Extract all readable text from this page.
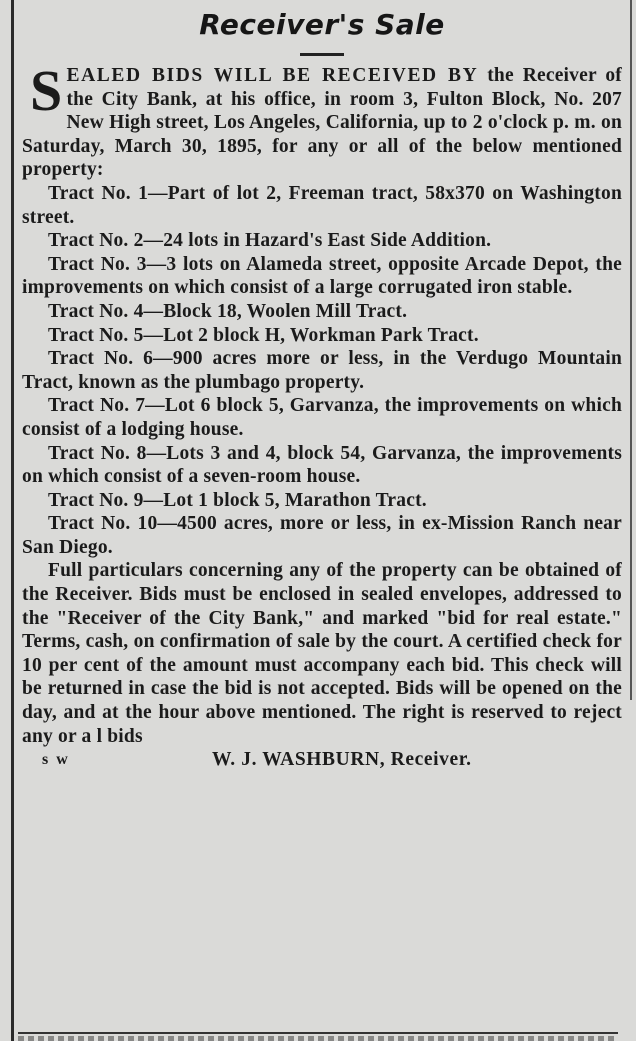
Receiver's Sale
S EALED BIDS WILL BE RECEIVED BY the Receiver of the City Bank, at his office, in room 3, Fulton Block, No. 207 New High street, Los Angeles, California, up to 2 o'clock p. m. on Saturday, March 30, 1895, for any or all of the below mentioned property:

Tract No. 1—Part of lot 2, Freeman tract, 58x370 on Washington street.

Tract No. 2—24 lots in Hazard's East Side Addition.

Tract No. 3—3 lots on Alameda street, opposite Arcade Depot, the improvements on which consist of a large corrugated iron stable.

Tract No. 4—Block 18, Woolen Mill Tract.

Tract No. 5—Lot 2 block H, Workman Park Tract.

Tract No. 6—900 acres more or less, in the Verdugo Mountain Tract, known as the plumbago property.

Tract No. 7—Lot 6 block 5, Garvanza, the improvements on which consist of a lodging house.

Tract No. 8—Lots 3 and 4, block 54, Garvanza, the improvements on which consist of a seven-room house.

Tract No. 9—Lot 1 block 5, Marathon Tract.

Tract No. 10—4500 acres, more or less, in ex-Mission Ranch near San Diego.

Full particulars concerning any of the property can be obtained of the Receiver. Bids must be enclosed in sealed envelopes, addressed to the "Receiver of the City Bank," and marked "bid for real estate." Terms, cash, on confirmation of sale by the court. A certified check for 10 per cent of the amount must accompany each bid. This check will be returned in case the bid is not accepted. Bids will be opened on the day, and at the hour above mentioned. The right is reserved to reject any or a l bids

s w	W. J. WASHBURN, Receiver.
